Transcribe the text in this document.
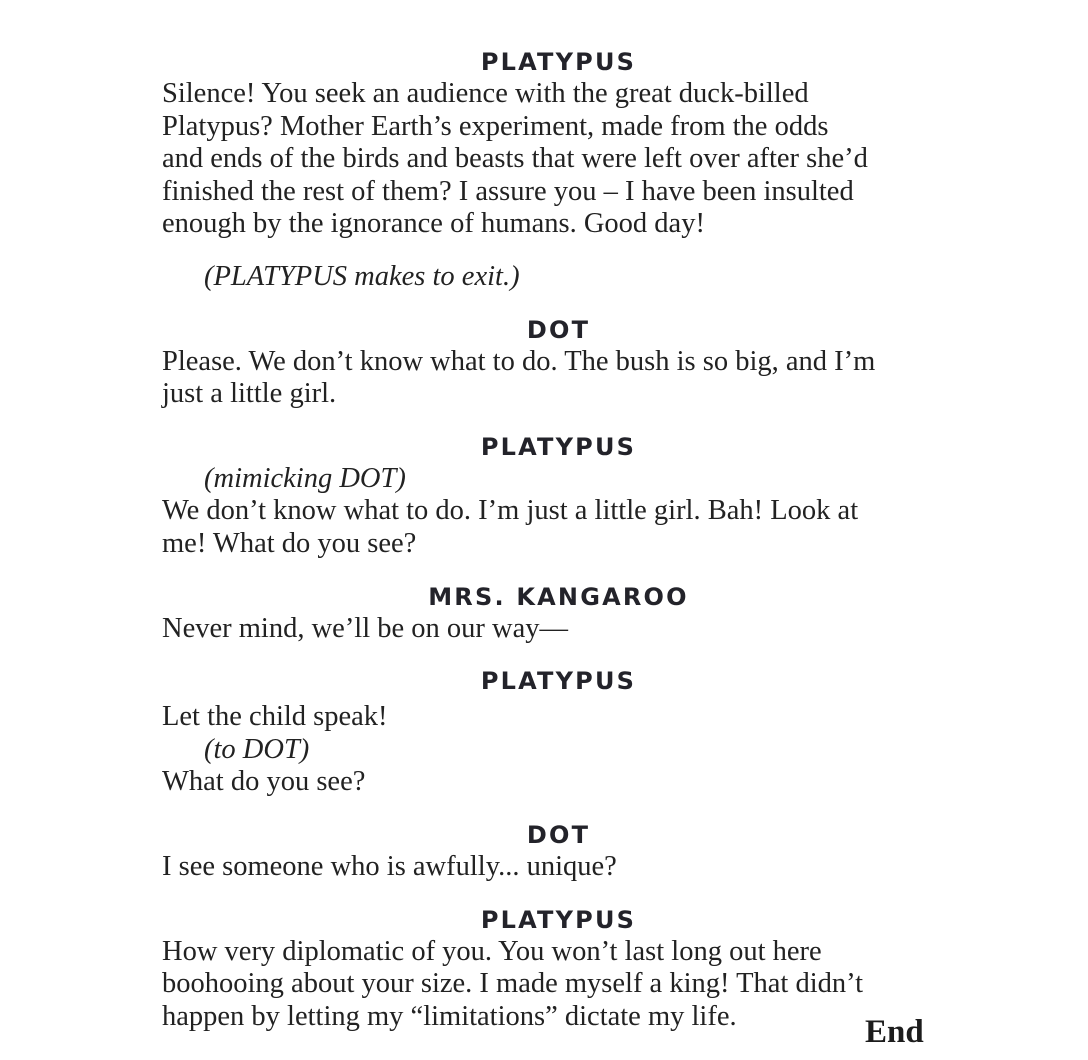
PLATYPUS

Silence! You seek an audience with the great duck-billed

Platypus? Mother Earth’s experiment, made from the odds

and ends of the birds and beasts that were left over after she’d

finished the rest of them? I assure you – I have been insulted

enough by the ignorance of humans. Good day!

(PLATYPUS makes to exit.)

DOT

Please. We don’t know what to do. The bush is so big, and I’m

just a little girl.

PLATYPUS

(mimicking DOT)

We don’t know what to do. I’m just a little girl. Bah! Look at

me! What do you see?

MRS. KANGAROO

Never mind, we’ll be on our way—

PLATYPUS

Let the child speak!

(to DOT)

What do you see?

DOT

I see someone who is awfully... unique?

PLATYPUS

How very diplomatic of you. You won’t last long out here

boohooing about your size. I made myself a king! That didn’t

happen by letting my “limitations” dictate my life.	End
